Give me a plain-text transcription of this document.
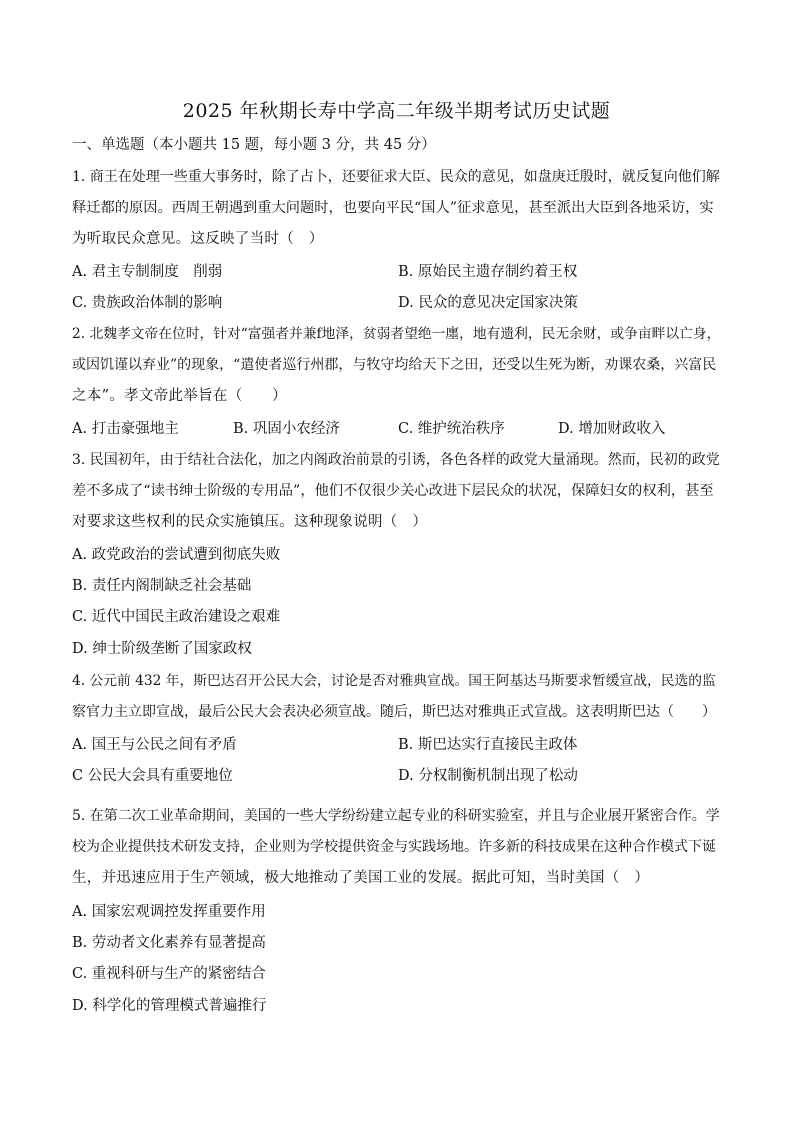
2025 年秋期长寿中学高二年级半期考试历史试题
一、单选题（本小题共 15 题，每小题 3 分，共 45 分）
1. 商王在处理一些重大事务时，除了占卜，还要征求大臣、民众的意见，如盘庚迁殷时，就反复向他们解
释迁都的原因。西周王朝遇到重大问题时，也要向平民“国人”征求意见，甚至派出大臣到各地采访，实
为听取民众意见。这反映了当时（　）
A. 君主专制制度　削弱	B. 原始民主遗存制约着王权
C. 贵族政治体制的影响	D. 民众的意见决定国家决策
2. 北魏孝文帝在位时，针对“富强者并兼f地泽，贫弱者望绝一廛，地有遗利，民无余财，或争亩畔以亡身，
或因饥谨以弃业”的现象，“遣使者巡行州郡，与牧守均给天下之田，还受以生死为断，劝课农桑，兴富民
之本”。孝文帝此举旨在（　　）
A. 打击豪强地主	B. 巩固小农经济	C. 维护统治秩序	D. 增加财政收入
3. 民国初年，由于结社合法化，加之内阁政治前景的引诱，各色各样的政党大量涌现。然而，民初的政党
差不多成了“读书绅士阶级的专用品”，他们不仅很少关心改进下层民众的状况，保障妇女的权利，甚至
对要求这些权利的民众实施镇压。这种现象说明（　）
A. 政党政治的尝试遭到彻底失败
B. 责任内阁制缺乏社会基础
C. 近代中国民主政治建设之艰难
D. 绅士阶级垄断了国家政权
4. 公元前 432 年，斯巴达召开公民大会，讨论是否对雅典宣战。国王阿基达马斯要求暂缓宣战，民选的监
察官力主立即宣战，最后公民大会表决必须宣战。随后，斯巴达对雅典正式宣战。这表明斯巴达（　　）
A. 国王与公民之间有矛盾	B. 斯巴达实行直接民主政体
C 公民大会具有重要地位	D. 分权制衡机制出现了松动
5. 在第二次工业革命期间，美国的一些大学纷纷建立起专业的科研实验室，并且与企业展开紧密合作。学
校为企业提供技术研发支持，企业则为学校提供资金与实践场地。许多新的科技成果在这种合作模式下诞
生，并迅速应用于生产领域，极大地推动了美国工业的发展。据此可知，当时美国（　）
A. 国家宏观调控发挥重要作用
B. 劳动者文化素养有显著提高
C. 重视科研与生产的紧密结合
D. 科学化的管理模式普遍推行
